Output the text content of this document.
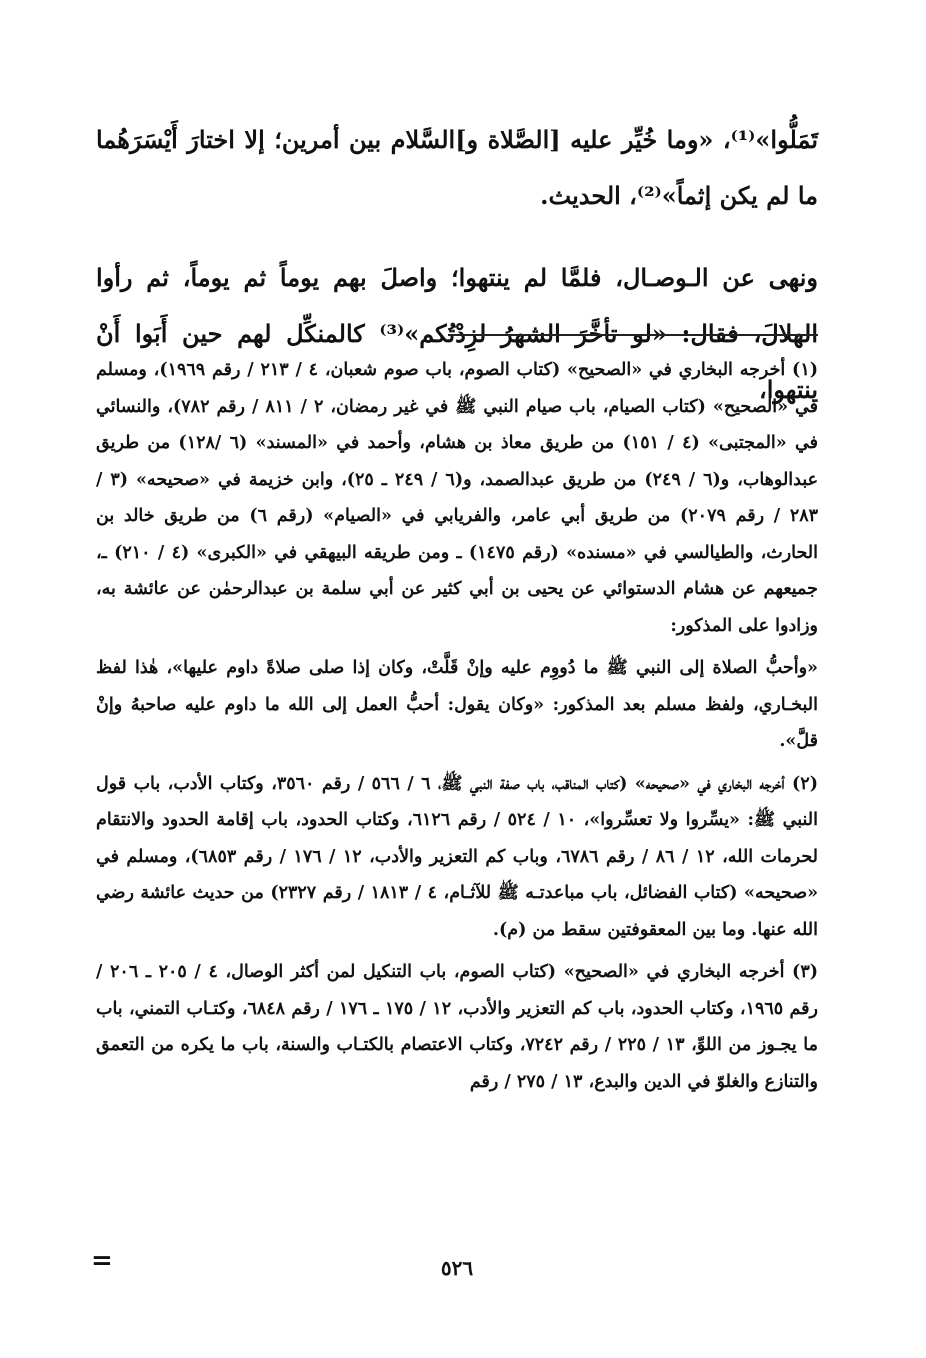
تَمَلُّوا»⁽¹⁾، «وما خُيِّر عليه [الصَّلاة و]السَّلام بين أمرين؛ إلا اختارَ أَيْسَرَهُما ما لم يكن إثماً»⁽²⁾، الحديث.

ونهى عن الـوصـال، فلمَّا لم ينتهوا؛ واصلَ بهم يوماً ثم يوماً، ثم رأوا الهلالَ، فقال: «لو تأخَّرَ الشهرُ لزِدْتُكم»⁽³⁾ كالمنكِّل لهم حين أَبَوا أَنْ ينتهوا،

(١) أخرجه البخاري في «الصحيح» (كتاب الصوم، باب صوم شعبان، ٤ / ٢١٣ / رقم ١٩٦٩)، ومسلم في «الصحيح» (كتاب الصيام، باب صيام النبي ﷺ في غير رمضان، ٢ / ٨١١ / رقم ٧٨٢)، والنسائي في «المجتبى» (٤ / ١٥١) من طريق معاذ بن هشام، وأحمد في «المسند» (٦ /١٢٨) من طريق عبدالوهاب، و(٦ / ٢٤٩) من طريق عبدالصمد، و(٦ / ٢٤٩ ـ ٢٥)، وابن خزيمة في «صحيحه» (٣ / ٢٨٣ / رقم ٢٠٧٩) من طريق أبي عامر، والفريابي في «الصيام» (رقم ٦) من طريق خالد بن الحارث، والطيالسي في «مسنده» (رقم ١٤٧٥) ـ ومن طريقه البيهقي في «الكبرى» (٤ / ٢١٠) ـ، جميعهم عن هشام الدستوائي عن يحيى بن أبي كثير عن أبي سلمة بن عبدالرحمٰن عن عائشة به، وزادوا على المذكور:

«وأحبُّ الصلاة إلى النبي ﷺ ما دُووِم عليه وإنْ قَلَّتْ، وكان إذا صلى صلاةً داوم عليها»، هٰذا لفظ البخـاري، ولفظ مسلم بعد المذكور: «وكان يقول: أحبُّ العمل إلى الله ما داوم عليه صاحبهُ وإنْ قلَّ».

(٢) أخرجه البخاري في «صحيحه» (كتاب المناقب، باب صفة النبي ﷺ، ٦ / ٥٦٦ / رقم ٣٥٦٠، وكتاب الأدب، باب قول النبي ﷺ: «يسِّروا ولا تعسِّروا»، ١٠ / ٥٢٤ / رقم ٦١٢٦، وكتاب الحدود، باب إقامة الحدود والانتقام لحرمات الله، ١٢ / ٨٦ / رقم ٦٧٨٦، وباب كم التعزير والأدب، ١٢ / ١٧٦ / رقم ٦٨٥٣)، ومسلم في «صحيحه» (كتاب الفضائل، باب مباعدتـه ﷺ للآثـام، ٤ / ١٨١٣ / رقم ٢٣٢٧) من حديث عائشة رضي الله عنها. وما بين المعقوفتين سقط من (م).

(٣) أخرجه البخاري في «الصحيح» (كتاب الصوم، باب التنكيل لمن أكثر الوصال، ٤ / ٢٠٥ ـ ٢٠٦ / رقم ١٩٦٥، وكتاب الحدود، باب كم التعزير والأدب، ١٢ / ١٧٥ ـ ١٧٦ / رقم ٦٨٤٨، وكتـاب التمني، باب ما يجـوز من اللوِّ، ١٣ / ٢٢٥ / رقم ٧٢٤٢، وكتاب الاعتصام بالكتـاب والسنة، باب ما يكره من التعمق والتنازع والغلوّ في الدين والبدع، ١٣ / ٢٧٥ / رقم

=	٥٢٦
